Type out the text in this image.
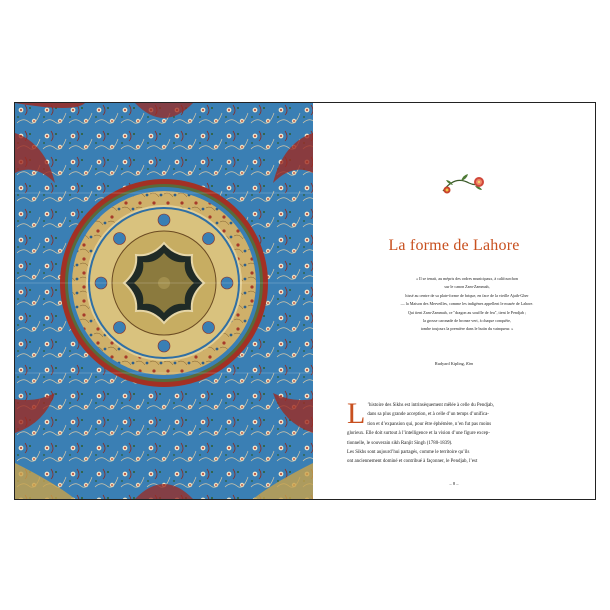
La forme de Lahore
« Il se tenait, au mépris des ordres municipaux, à califourchon
sur le canon Zam-Zammah,
hissé au centre de sa plate-forme de brique, en face de la vieille Ajaib-Gher
— la Maison des Merveilles, comme les indigènes appellent le musée de Lahore.
Qui tient Zam-Zammah, ce "dragon au souffle de feu", tient le Pendjab ;
la grosse caronade de bronze vert, à chaque conquête,
tombe toujours la première dans le butin du vainqueur. »
Rudyard Kipling, Kim
L ’histoire des Sikhs est intrinsèquement mêlée à celle du Pendjab,
dans sa plus grande acception, et à celle d’un temps d’unifica-
tion et d’expansion qui, pour être éphémère, n’en fut pas moins
glorieux. Elle doit surtout à l’intelligence et la vision d’une figure excep-
tionnelle, le souverain sikh Ranjit Singh (1780-1839).
Les Sikhs sont aujourd’hui partagés, comme le territoire qu’ils
ont anciennement dominé et contribué à façonner, le Pendjab, l’est
– 8 –
